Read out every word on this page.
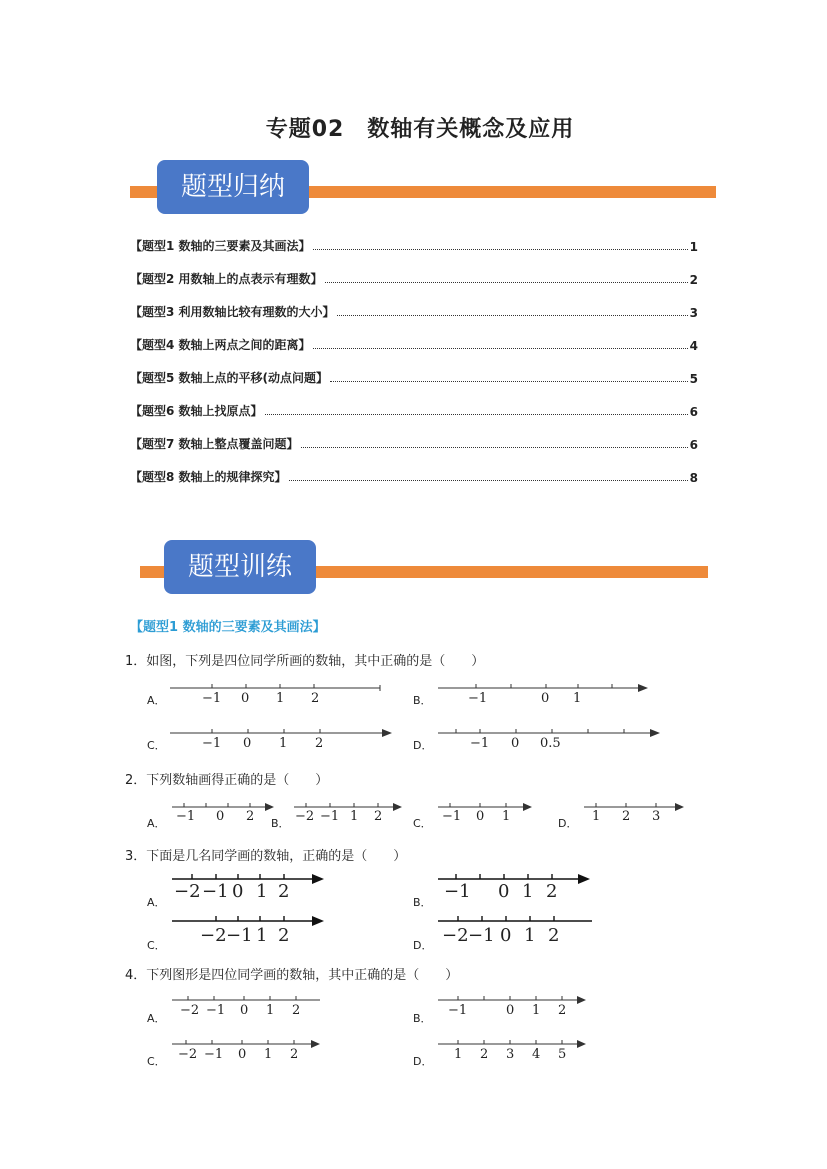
专题02　数轴有关概念及应用
题型归纳
【题型1 数轴的三要素及其画法】	1
【题型2 用数轴上的点表示有理数】	2
【题型3 利用数轴比较有理数的大小】	3
【题型4 数轴上两点之间的距离】	4
【题型5 数轴上点的平移(动点问题】	5
【题型6 数轴上找原点】	6
【题型7 数轴上整点覆盖问题】	6
【题型8 数轴上的规律探究】	8
题型训练
【题型1 数轴的三要素及其画法】
1．如图，下列是四位同学所画的数轴，其中正确的是（　　）
2．下列数轴画得正确的是（　　）
3．下面是几名同学画的数轴，正确的是（　　）
4．下列图形是四位同学画的数轴，其中正确的是（　　）
A．	B．
C．	D．
A．	B．	C．	D．
A．	B．
C．	D．
A．	B．
C．	D．
−1 0 1 2	−1	0 1
−1 0 1 2	−1 0 0.5
−1 0 2	−2 −1 1 2	−1 0 1	1 2 3
−2 −1 0 1 2	−1 0 1 2
−2 −1 1 2	−2 −1 0 1 2
−2 −1 0 1 2	−1	0 1 2
−2 −1 0 1 2	1 2 3 4 5
